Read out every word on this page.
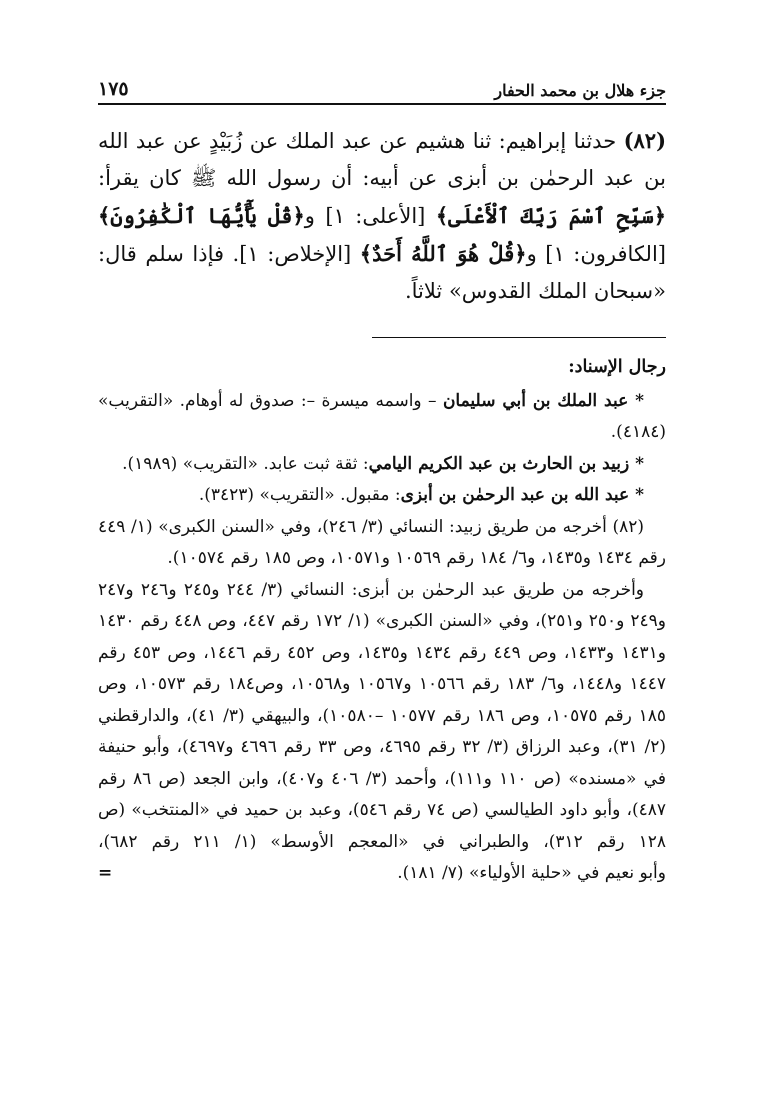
جزء هلال بن محمد الحفار
١٧٥
(٨٢) حدثنا إبراهيم: ثنا هشيم عن عبد الملك عن زُبَيْدٍ عن عبد الله بن عبد الرحمٰن بن أبزى عن أبيه: أن رسول الله ﷺ كان يقرأ: ﴿سَبِّحِ ٱسْمَ رَبِّكَ ٱلْأَعْلَى﴾ [الأعلى: ١] و﴿قُلْ يَٰٓأَيُّهَا ٱلْكَٰفِرُونَ﴾ [الكافرون: ١] و﴿قُلْ هُوَ ٱللَّهُ أَحَدٌ﴾ [الإخلاص: ١]. فإذا سلم قال: «سبحان الملك القدوس» ثلاثاً.

رجال الإسناد:

* عبد الملك بن أبي سليمان – واسمه ميسرة –: صدوق له أوهام. «التقريب» (٤١٨٤).

* زبيد بن الحارث بن عبد الكريم اليامي: ثقة ثبت عابد. «التقريب» (١٩٨٩).

* عبد الله بن عبد الرحمٰن بن أبزى: مقبول. «التقريب» (٣٤٢٣).

(٨٢) أخرجه من طريق زبيد: النسائي (٣/ ٢٤٦)، وفي «السنن الكبرى» (١/ ٤٤٩ رقم ١٤٣٤ و١٤٣٥، و٦/ ١٨٤ رقم ١٠٥٦٩ و١٠٥٧١، وص ١٨٥ رقم ١٠٥٧٤).

وأخرجه من طريق عبد الرحمٰن بن أبزى: النسائي (٣/ ٢٤٤ و٢٤٥ و٢٤٦ و٢٤٧ و٢٤٩ و٢٥٠ و٢٥١)، وفي «السنن الكبرى» (١/ ١٧٢ رقم ٤٤٧، وص ٤٤٨ رقم ١٤٣٠ و١٤٣١ و١٤٣٣، وص ٤٤٩ رقم ١٤٣٤ و١٤٣٥، وص ٤٥٢ رقم ١٤٤٦، وص ٤٥٣ رقم ١٤٤٧ و١٤٤٨، و٦/ ١٨٣ رقم ١٠٥٦٦ و١٠٥٦٧ و١٠٥٦٨، وص١٨٤ رقم ١٠٥٧٣، وص ١٨٥ رقم ١٠٥٧٥، وص ١٨٦ رقم ١٠٥٧٧ –١٠٥٨٠)، والبيهقي (٣/ ٤١)، والدارقطني (٢/ ٣١)، وعبد الرزاق (٣/ ٣٢ رقم ٤٦٩٥، وص ٣٣ رقم ٤٦٩٦ و٤٦٩٧)، وأبو حنيفة في «مسنده» (ص ١١٠ و١١١)، وأحمد (٣/ ٤٠٦ و٤٠٧)، وابن الجعد (ص ٨٦ رقم ٤٨٧)، وأبو داود الطيالسي (ص ٧٤ رقم ٥٤٦)، وعبد بن حميد في «المنتخب» (ص ١٢٨ رقم ٣١٢)، والطبراني في «المعجم الأوسط» (١/ ٢١١ رقم ٦٨٢)،

وأبو نعيم في «حلية الأولياء» (٧/ ١٨١).
=
